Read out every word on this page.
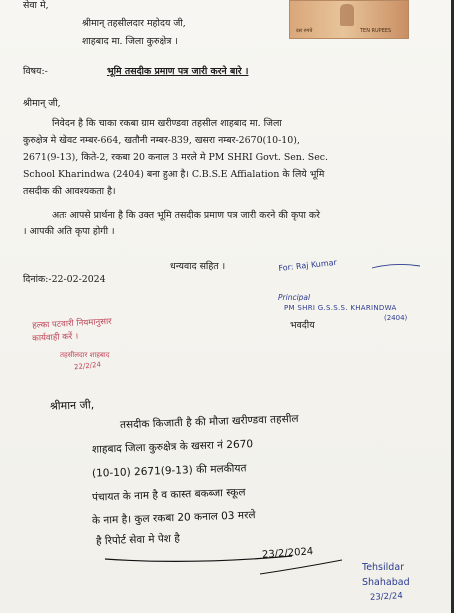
दस रुपये	TEN RUPEES
सेवा मे,
श्रीमान् तहसीलदार महोदय जी,
शाहबाद मा. जिला कुरुक्षेत्र ।
विषय:-	भूमि तसदीक प्रमाण पत्र जारी करने बारे ।
श्रीमान् जी,
निवेदन है कि चाका रकबा ग्राम खरीण्डवा तहसील शाहबाद मा. जिला
कुरुक्षेत्र मे खेवट नम्बर-664, खतौनी नम्बर-839, खसरा नम्बर-2670(10-10),
2671(9-13), किते-2, रकबा 20 कनाल 3 मरले मे PM SHRI Govt. Sen. Sec.
School Kharindwa (2404) बना हुआ है। C.B.S.E Affialation के लिये भूमि
तसदीक की आवश्यकता है।
अतः आपसे प्रार्थना है कि उक्त भूमि तसदीक प्रमाण पत्र जारी करने की कृपा करे
। आपकी अति कृपा होगी ।
धन्यवाद सहित ।
दिनांक:-22-02-2024
For: Raj Kumar
Principal
PM SHRI G.S.S.S. KHARINDWA
(2404)
भवदीय
हल्का पटवारी नियमानुसार
कार्यवाही करें ।
तहसीलदार शाहबाद
22/2/24
श्रीमान जी,
तसदीक किजाती है की मौजा खरीण्डवा तहसील
शाहबाद जिला कुरुक्षेत्र के खसरा नं 2670
(10-10) 2671(9-13) की मलकीयत
पंचायत के नाम है व कास्त बकब्जा स्कूल
के नाम है। कुल रकबा 20 कनाल 03 मरले
है रिपोर्ट सेवा मे पेश है
23/2/2024
Tehsildar
Shahabad
23/2/24
